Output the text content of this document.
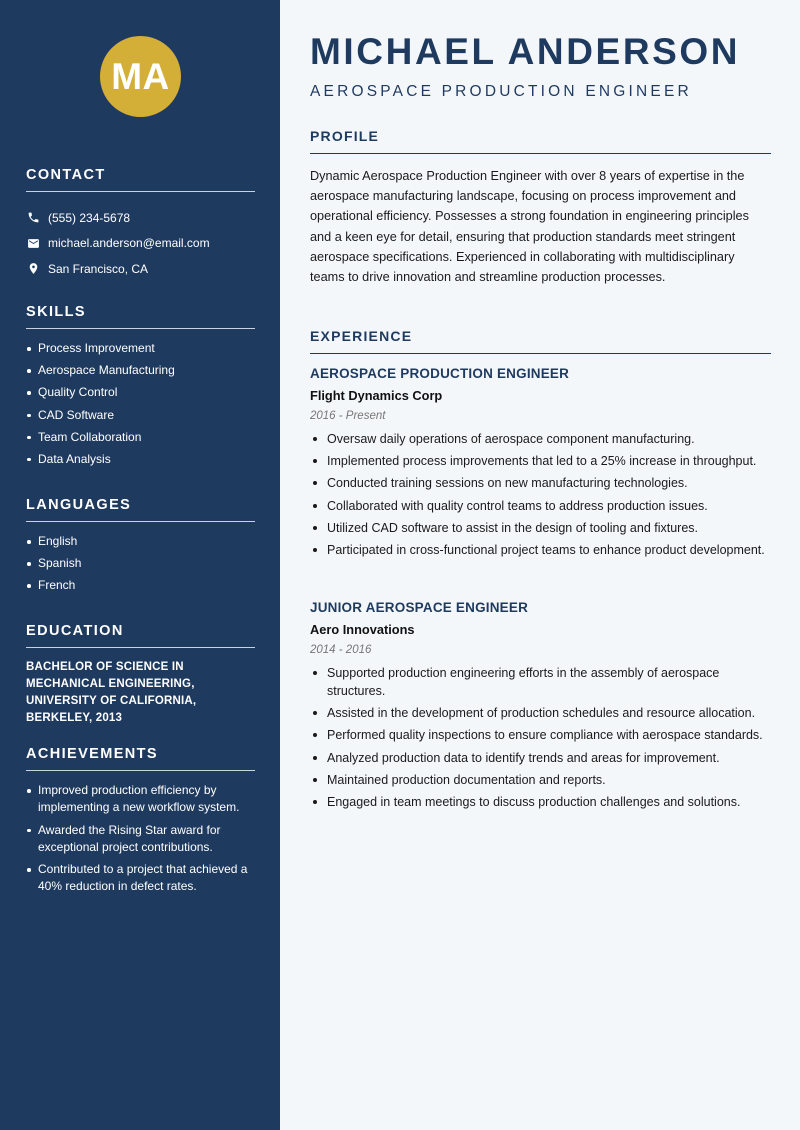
MA
CONTACT
(555) 234-5678
michael.anderson@email.com
San Francisco, CA
SKILLS
Process Improvement
Aerospace Manufacturing
Quality Control
CAD Software
Team Collaboration
Data Analysis
LANGUAGES
English
Spanish
French
EDUCATION

BACHELOR OF SCIENCE IN MECHANICAL ENGINEERING, UNIVERSITY OF CALIFORNIA, BERKELEY, 2013

ACHIEVEMENTS
Improved production efficiency by implementing a new workflow system.
Awarded the Rising Star award for exceptional project contributions.
Contributed to a project that achieved a 40% reduction in defect rates.
MICHAEL ANDERSON
AEROSPACE PRODUCTION ENGINEER
PROFILE

Dynamic Aerospace Production Engineer with over 8 years of expertise in the aerospace manufacturing landscape, focusing on process improvement and operational efficiency. Possesses a strong foundation in engineering principles and a keen eye for detail, ensuring that production standards meet stringent aerospace specifications. Experienced in collaborating with multidisciplinary teams to drive innovation and streamline production processes.

EXPERIENCE
AEROSPACE PRODUCTION ENGINEER
Flight Dynamics Corp
2016 - Present
Oversaw daily operations of aerospace component manufacturing.
Implemented process improvements that led to a 25% increase in throughput.
Conducted training sessions on new manufacturing technologies.
Collaborated with quality control teams to address production issues.
Utilized CAD software to assist in the design of tooling and fixtures.
Participated in cross-functional project teams to enhance product development.
JUNIOR AEROSPACE ENGINEER
Aero Innovations
2014 - 2016
Supported production engineering efforts in the assembly of aerospace structures.
Assisted in the development of production schedules and resource allocation.
Performed quality inspections to ensure compliance with aerospace standards.
Analyzed production data to identify trends and areas for improvement.
Maintained production documentation and reports.
Engaged in team meetings to discuss production challenges and solutions.
